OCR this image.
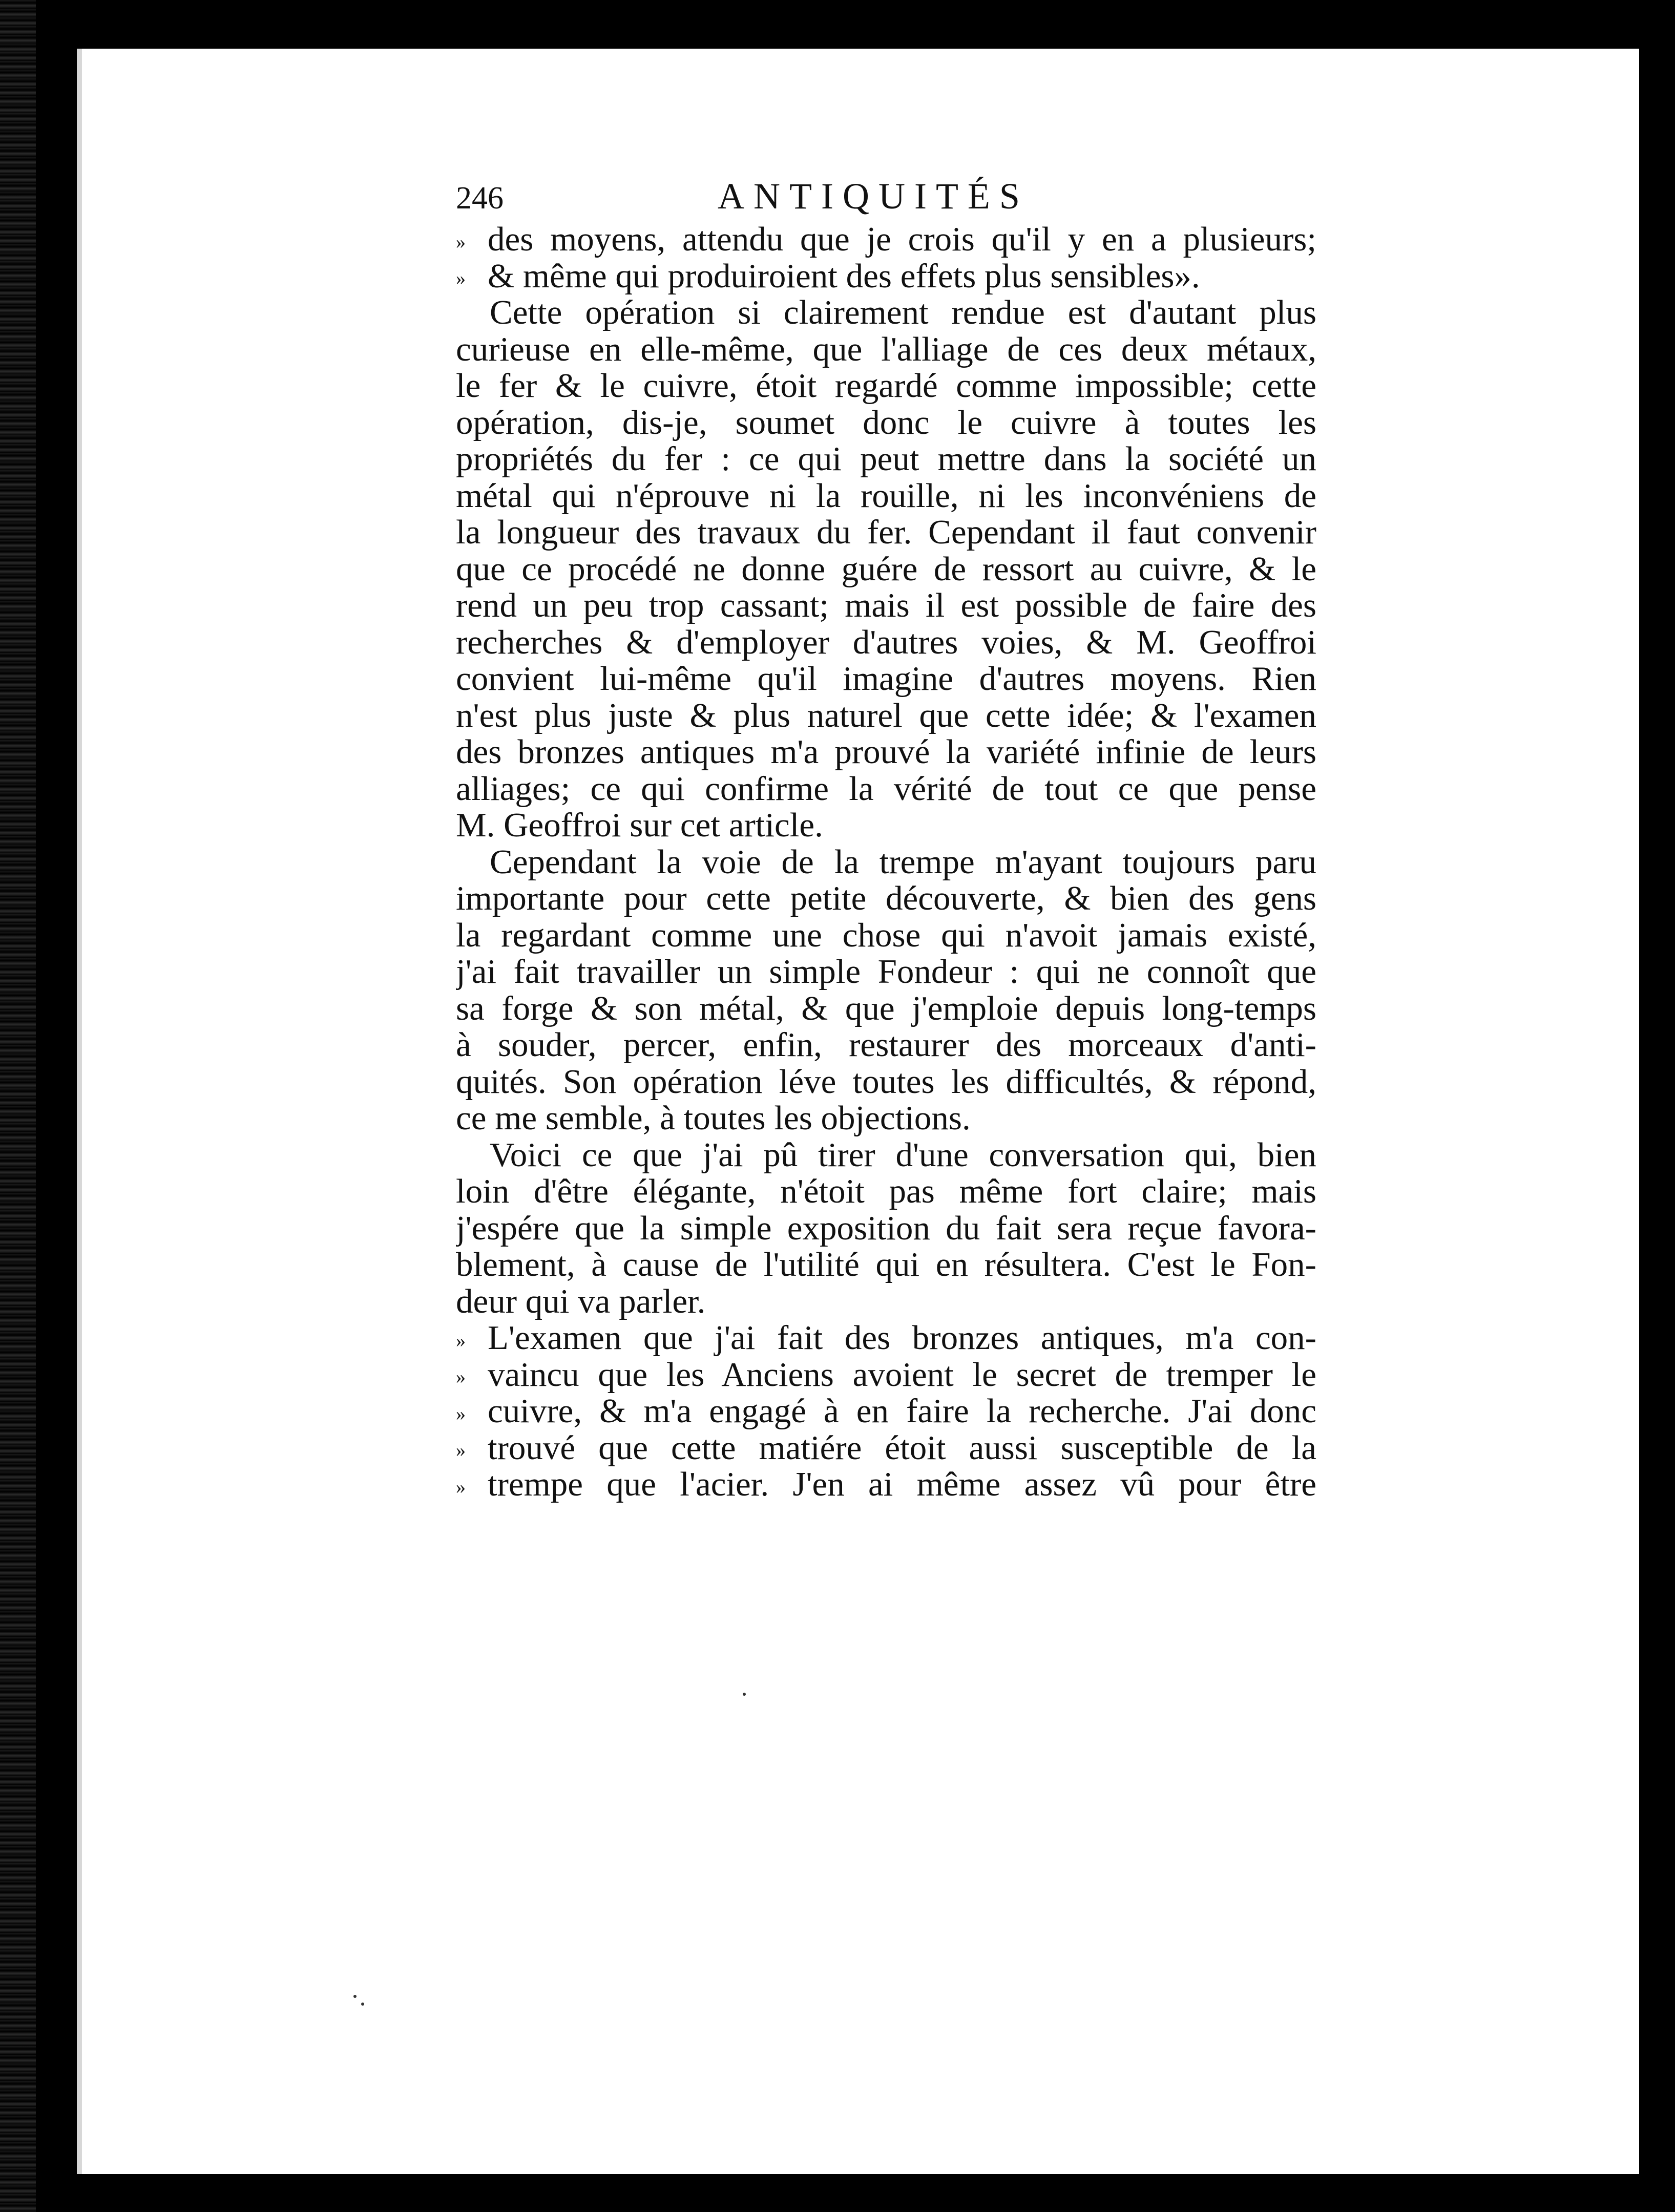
246	ANTIQUITÉS
» des moyens, attendu que je crois qu'il y en a plusieurs;
» & même qui produiroient des effets plus sensibles».
Cette opération si clairement rendue est d'autant plus
curieuse en elle-même, que l'alliage de ces deux métaux,
le fer & le cuivre, étoit regardé comme impossible; cette
opération, dis-je, soumet donc le cuivre à toutes les
propriétés du fer : ce qui peut mettre dans la société un
métal qui n'éprouve ni la rouille, ni les inconvéniens de
la longueur des travaux du fer. Cependant il faut convenir
que ce procédé ne donne guére de ressort au cuivre, & le
rend un peu trop cassant; mais il est possible de faire des
recherches & d'employer d'autres voies, & M. Geoffroi
convient lui-même qu'il imagine d'autres moyens. Rien
n'est plus juste & plus naturel que cette idée; & l'examen
des bronzes antiques m'a prouvé la variété infinie de leurs
alliages; ce qui confirme la vérité de tout ce que pense
M. Geoffroi sur cet article.
Cependant la voie de la trempe m'ayant toujours paru
importante pour cette petite découverte, & bien des gens
la regardant comme une chose qui n'avoit jamais existé,
j'ai fait travailler un simple Fondeur : qui ne connoît que
sa forge & son métal, & que j'emploie depuis long-temps
à souder, percer, enfin, restaurer des morceaux d'anti-
quités. Son opération léve toutes les difficultés, & répond,
ce me semble, à toutes les objections.
Voici ce que j'ai pû tirer d'une conversation qui, bien
loin d'être élégante, n'étoit pas même fort claire; mais
j'espére que la simple exposition du fait sera reçue favora-
blement, à cause de l'utilité qui en résultera. C'est le Fon-
deur qui va parler.
» L'examen que j'ai fait des bronzes antiques, m'a con-
» vaincu que les Anciens avoient le secret de tremper le
» cuivre, & m'a engagé à en faire la recherche. J'ai donc
» trouvé que cette matiére étoit aussi susceptible de la
» trempe que l'acier. J'en ai même assez vû pour être
